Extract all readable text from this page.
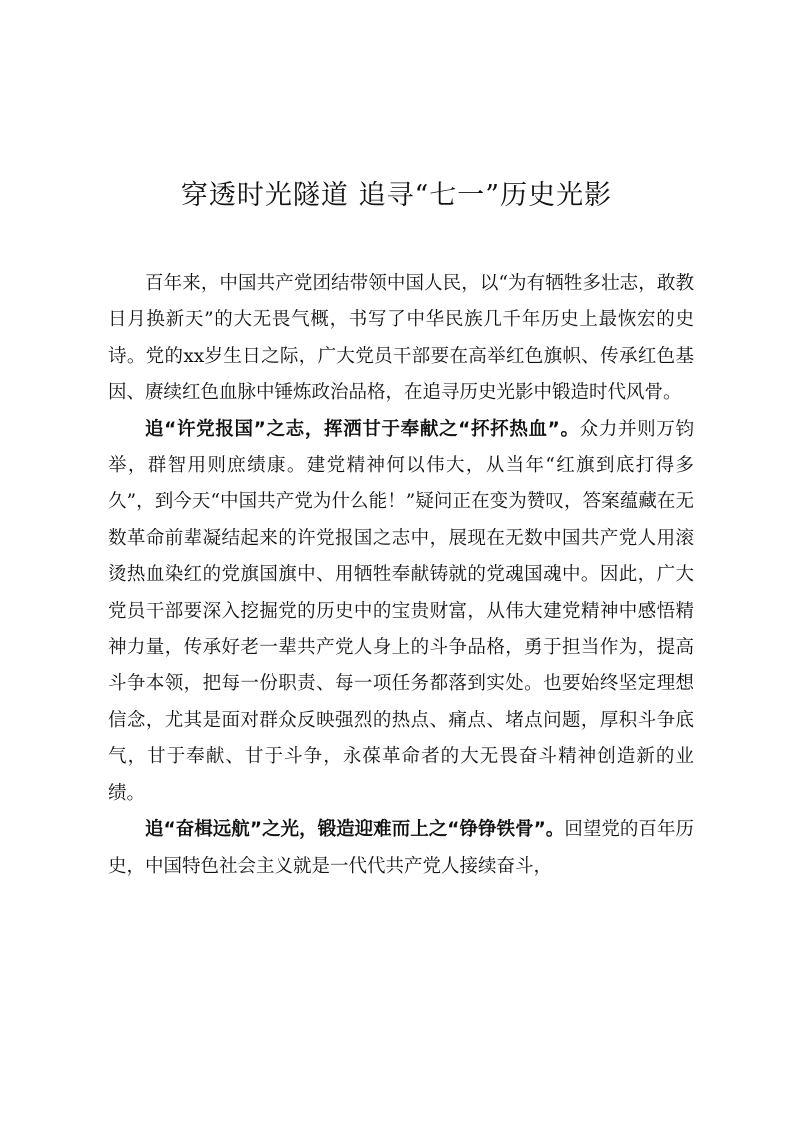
穿透时光隧道 追寻“七一”历史光影

百年来，中国共产党团结带领中国人民，以“为有牺牲多壮志，敢教日月换新天”的大无畏气概，书写了中华民族几千年历史上最恢宏的史诗。党的xx岁生日之际，广大党员干部要在高举红色旗帜、传承红色基因、赓续红色血脉中锤炼政治品格，在追寻历史光影中锻造时代风骨。

追“许党报国”之志，挥洒甘于奉献之“抔抔热血”。众力并则万钧举，群智用则庶绩康。建党精神何以伟大，从当年“红旗到底打得多久”，到今天“中国共产党为什么能！”疑问正在变为赞叹，答案蕴藏在无数革命前辈凝结起来的许党报国之志中，展现在无数中国共产党人用滚烫热血染红的党旗国旗中、用牺牲奉献铸就的党魂国魂中。因此，广大党员干部要深入挖掘党的历史中的宝贵财富，从伟大建党精神中感悟精神力量，传承好老一辈共产党人身上的斗争品格，勇于担当作为，提高斗争本领，把每一份职责、每一项任务都落到实处。也要始终坚定理想信念，尤其是面对群众反映强烈的热点、痛点、堵点问题，厚积斗争底气，甘于奉献、甘于斗争，永葆革命者的大无畏奋斗精神创造新的业绩。

追“奋楫远航”之光，锻造迎难而上之“铮铮铁骨”。回望党的百年历史，中国特色社会主义就是一代代共产党人接续奋斗，
